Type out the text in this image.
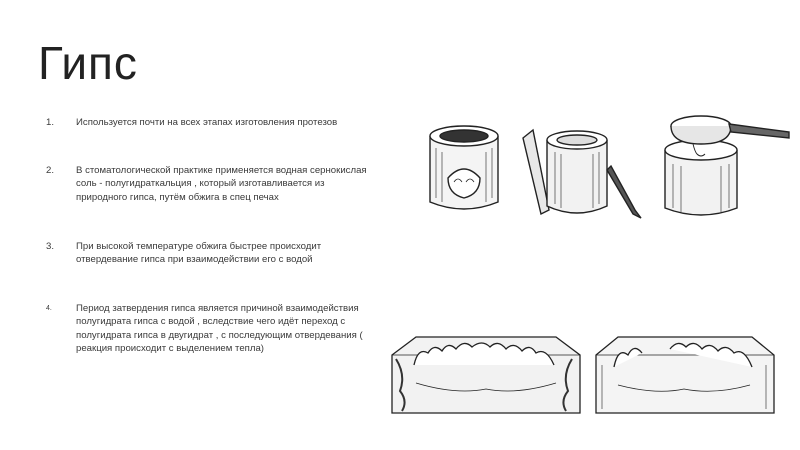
Гипс
1. Используется почти на всех этапах изготовления протезов
2. В стоматологической практике применяется водная сернокислая соль - полугидраткальция , который изготавливается из природного гипса, путём обжига в спец печах
3. При высокой температуре обжига быстрее происходит отвердевание гипса при взаимодействии его с водой
4.	Период затвердения гипса является причиной взаимодействия полугидрата гипса с водой , вследствие чего идёт переход с полугидрата гипса в двугидрат , с последующим отвердевания ( реакция происходит с выделением тепла)
